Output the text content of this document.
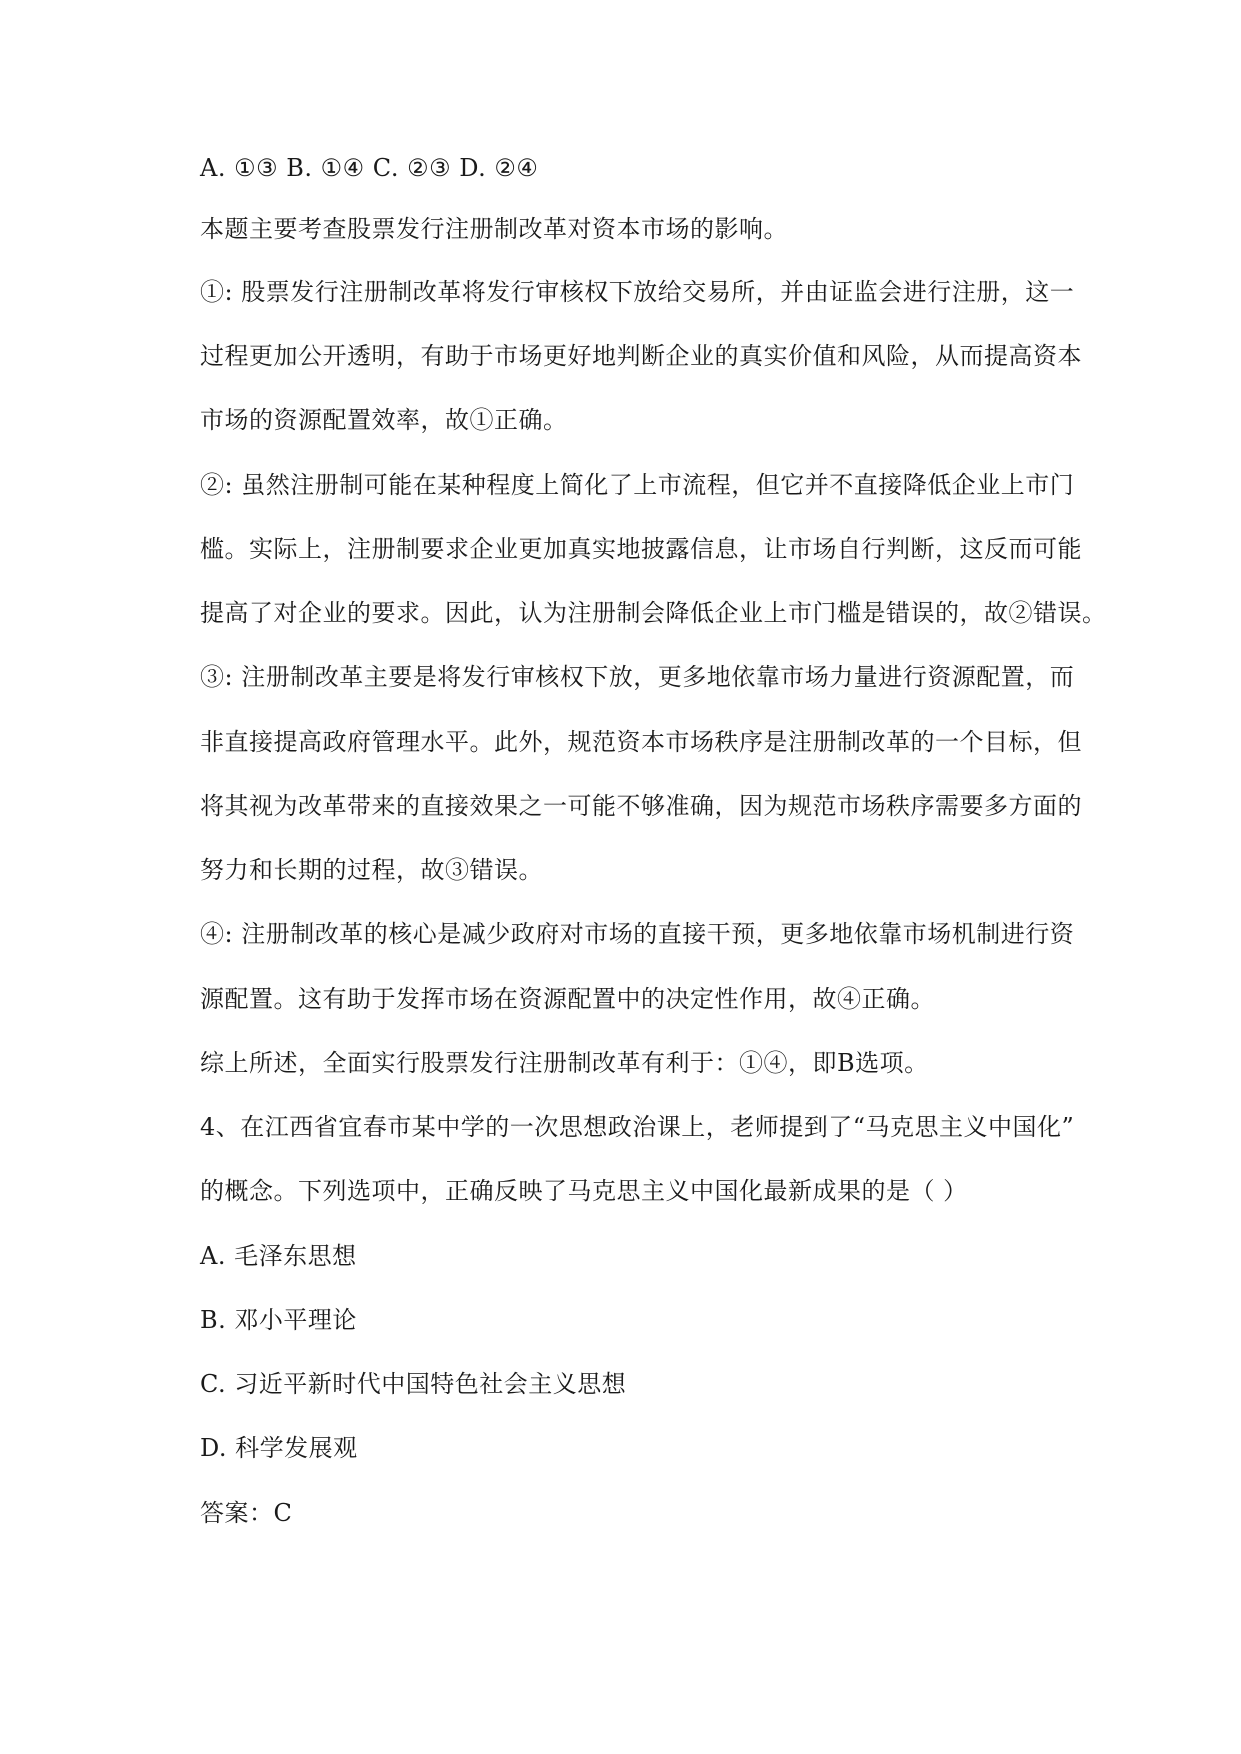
A. ①③ B. ①④ C. ②③ D. ②④
本题主要考查股票发行注册制改革对资本市场的影响。
①: 股票发行注册制改革将发行审核权下放给交易所，并由证监会进行注册，这一
过程更加公开透明，有助于市场更好地判断企业的真实价值和风险，从而提高资本
市场的资源配置效率，故①正确。
②: 虽然注册制可能在某种程度上简化了上市流程，但它并不直接降低企业上市门
槛。实际上，注册制要求企业更加真实地披露信息，让市场自行判断，这反而可能
提高了对企业的要求。因此，认为注册制会降低企业上市门槛是错误的，故②错误。
③: 注册制改革主要是将发行审核权下放，更多地依靠市场力量进行资源配置，而
非直接提高政府管理水平。此外，规范资本市场秩序是注册制改革的一个目标，但
将其视为改革带来的直接效果之一可能不够准确，因为规范市场秩序需要多方面的
努力和长期的过程，故③错误。
④: 注册制改革的核心是减少政府对市场的直接干预，更多地依靠市场机制进行资
源配置。这有助于发挥市场在资源配置中的决定性作用，故④正确。
综上所述，全面实行股票发行注册制改革有利于：①④，即B选项。
4、在江西省宜春市某中学的一次思想政治课上，老师提到了“马克思主义中国化”
的概念。下列选项中，正确反映了马克思主义中国化最新成果的是（ ）
A. 毛泽东思想
B. 邓小平理论
C. 习近平新时代中国特色社会主义思想
D. 科学发展观
答案：C
